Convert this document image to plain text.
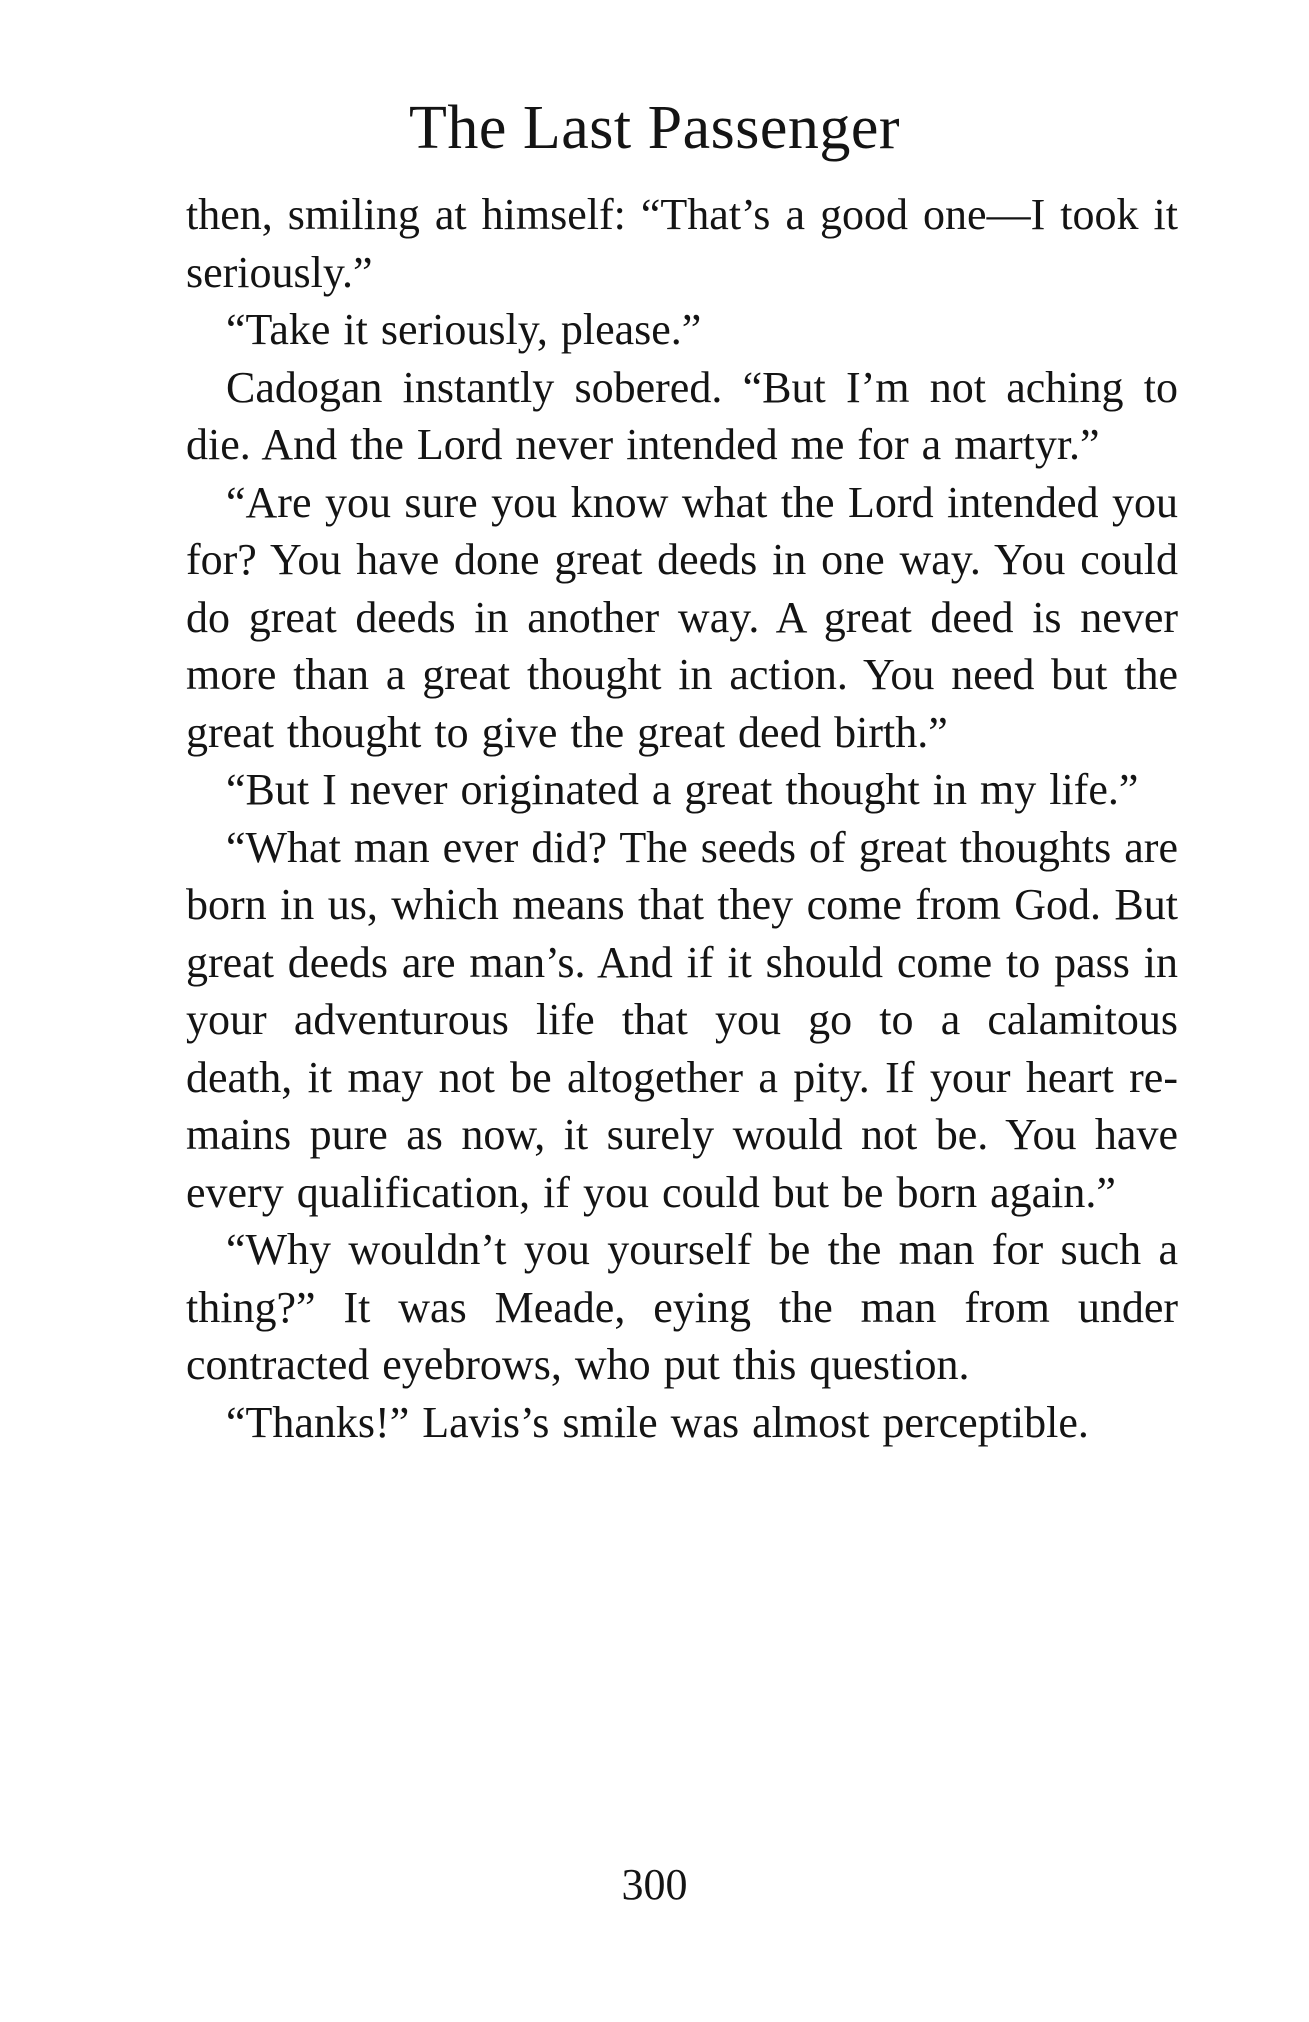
The Last Passenger

then, smiling at himself: “That’s a good one—I took it seriously.”

“Take it seriously, please.”

Cadogan instantly sobered. “But I’m not aching to die. And the Lord never intended me for a martyr.”

“Are you sure you know what the Lord intended you for? You have done great deeds in one way. You could do great deeds in another way. A great deed is never more than a great thought in action. You need but the great thought to give the great deed birth.”

“But I never originated a great thought in my life.”

“What man ever did? The seeds of great thoughts are born in us, which means that they come from God. But great deeds are man’s. And if it should come to pass in your adventurous life that you go to a calamitous death, it may not be altogether a pity. If your heart remains pure as now, it surely would not be. You have every qualification, if you could but be born again.”

“Why wouldn’t you yourself be the man for such a thing?” It was Meade, eying the man from under contracted eyebrows, who put this question.

“Thanks!” Lavis’s smile was almost perceptible.

300
